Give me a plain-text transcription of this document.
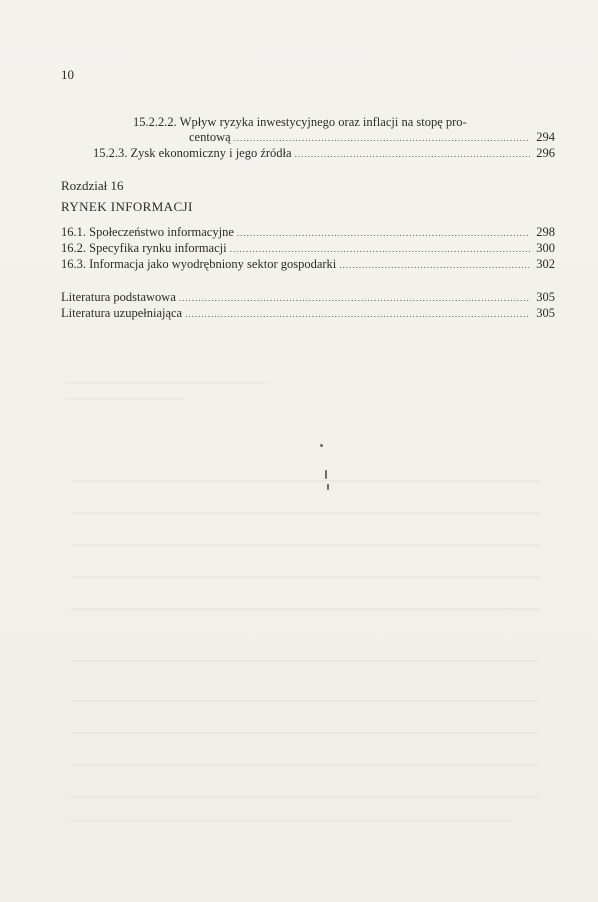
10
15.2.2.2. Wpływ ryzyka inwestycyjnego oraz inflacji na stopę pro-
centową .....	294
15.2.3. Zysk ekonomiczny i jego źródła .....	296
Rozdział 16
RYNEK INFORMACJI
16.1. Społeczeństwo informacyjne .....	298
16.2. Specyfika rynku informacji .....	300
16.3. Informacja jako wyodrębniony sektor gospodarki .....	302
Literatura podstawowa .....	305
Literatura uzupełniająca .....	305
